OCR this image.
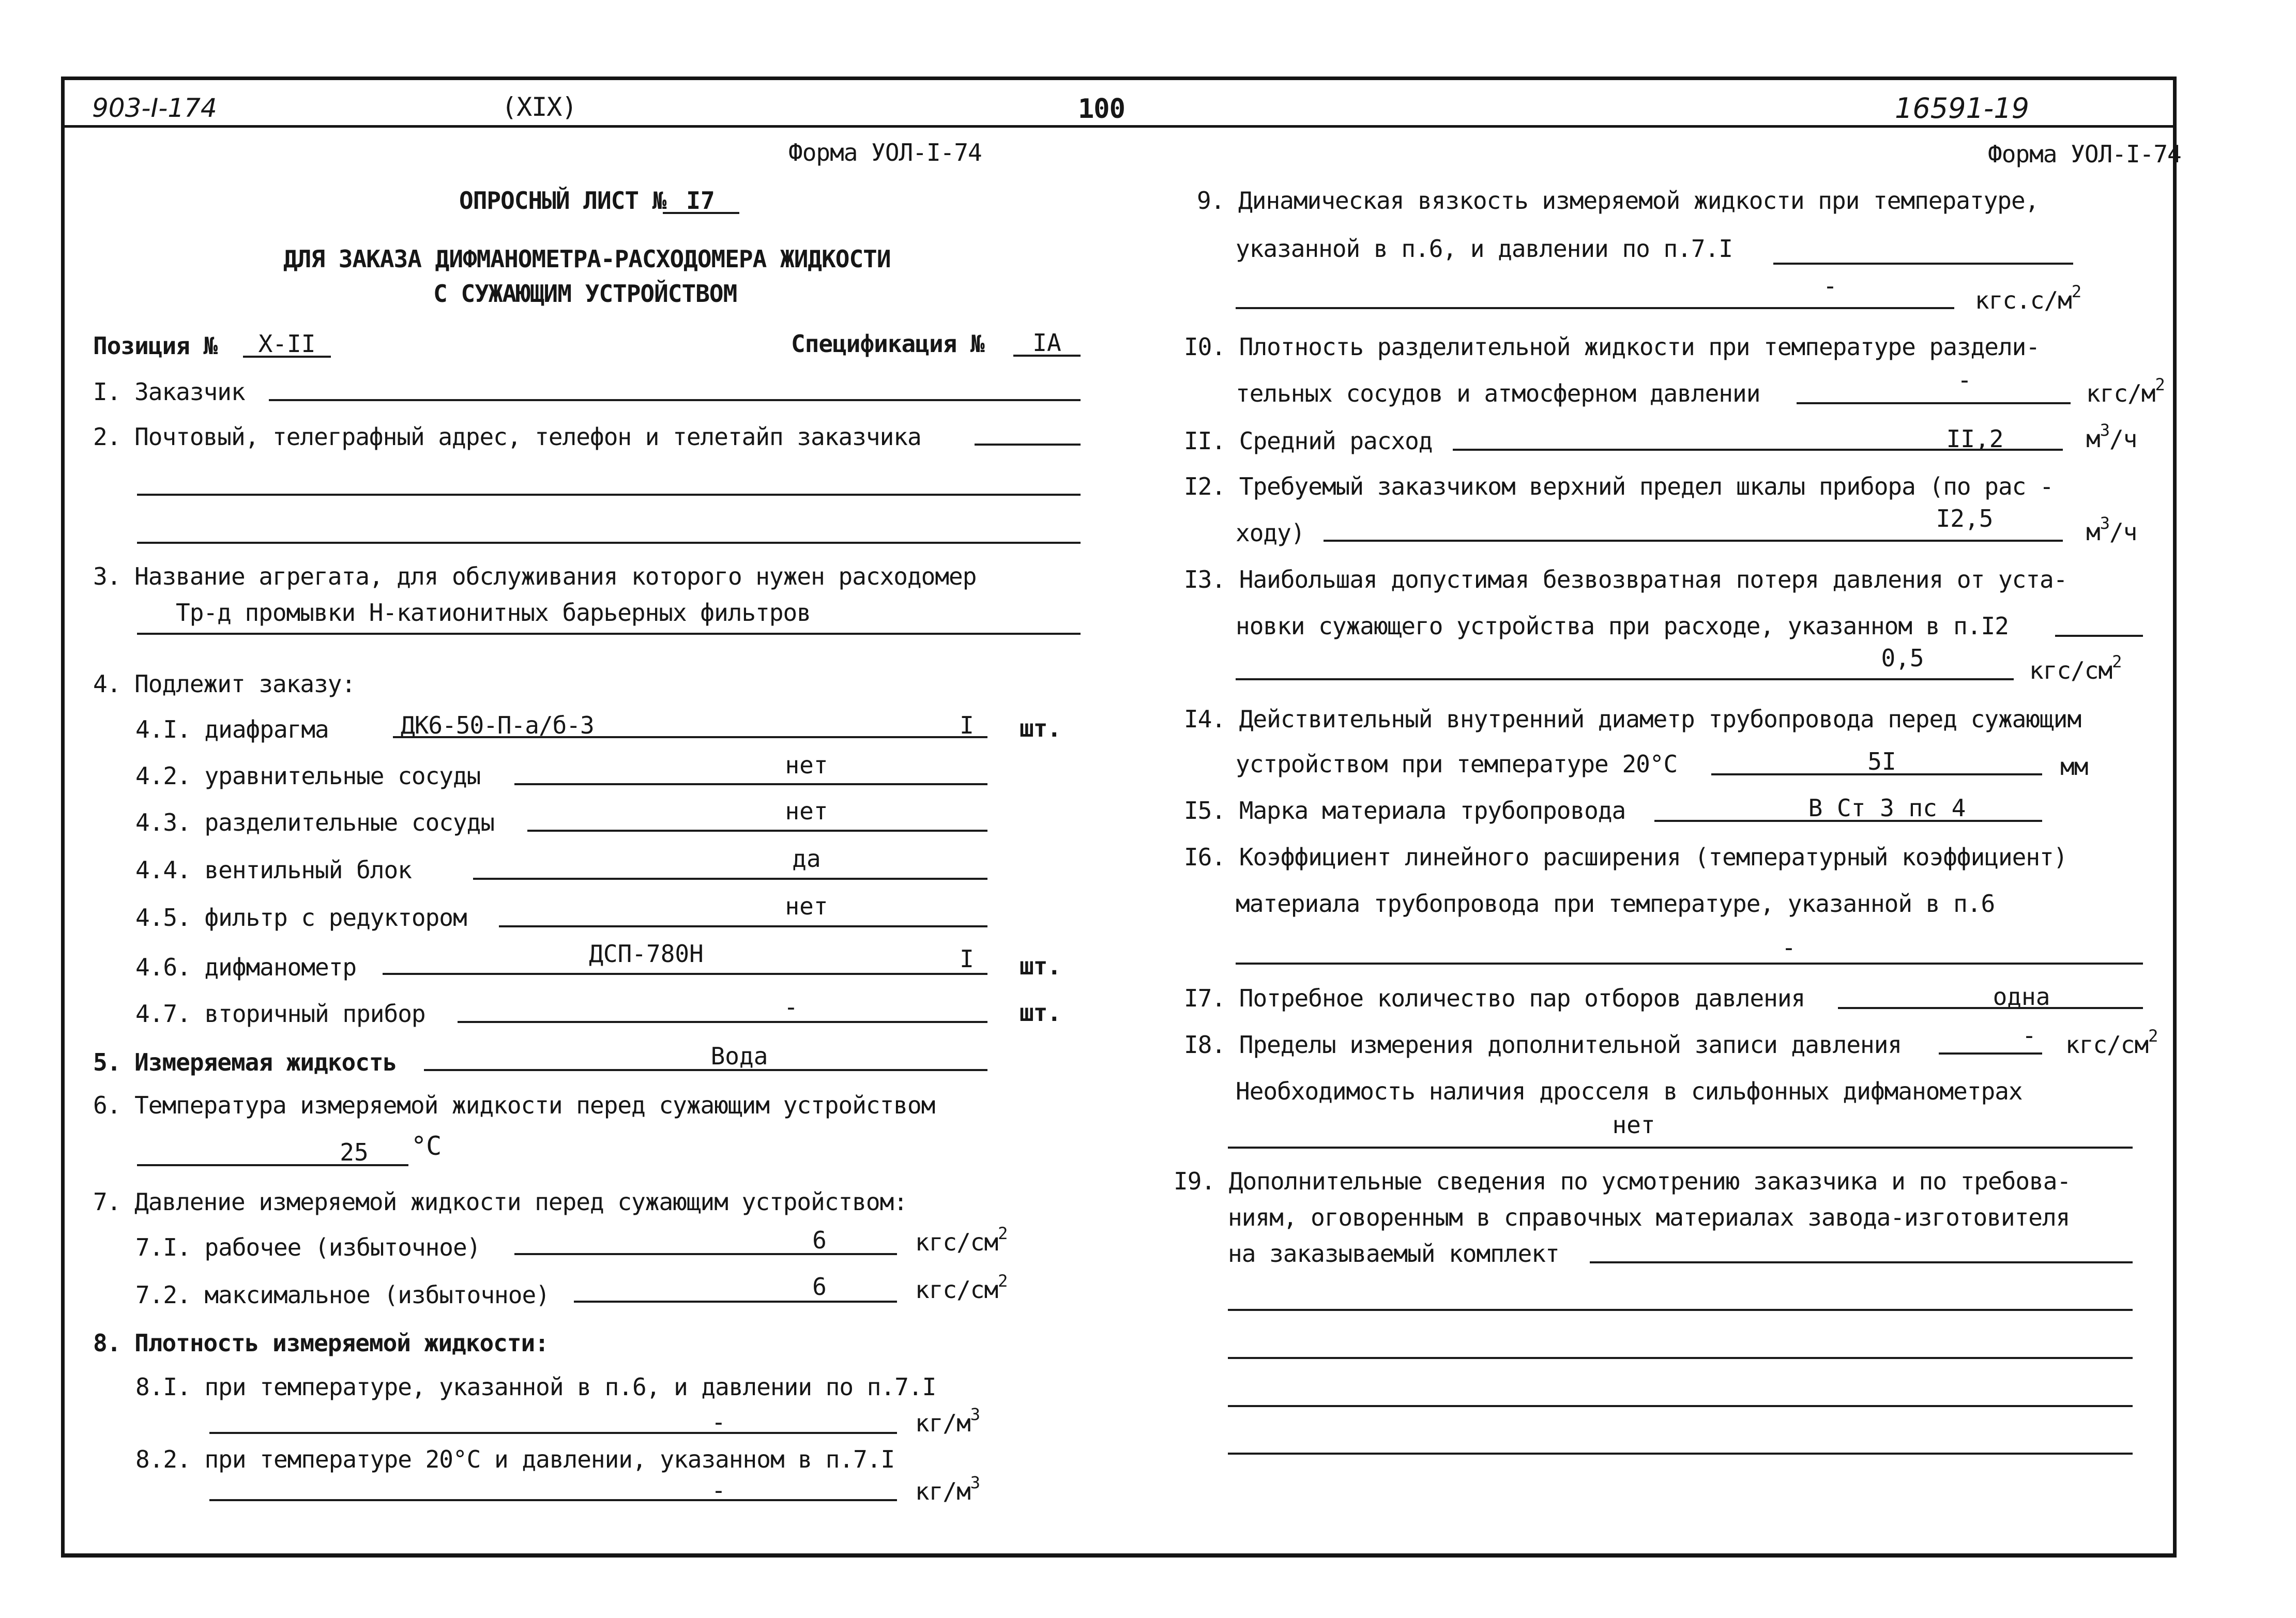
903-I-174	(XIX)	100	16591-19
Форма УОЛ-I-74
ОПРОСНЫЙ ЛИСТ № I7
ДЛЯ ЗАКАЗА ДИФМАНОМЕТРА-РАСХОДОМЕРА ЖИДКОСТИ
С СУЖАЮЩИМ УСТРОЙСТВОМ
Позиция №	Х-II	Спецификация №	IA
I. Заказчик
2. Почтовый, телеграфный адрес, телефон и телетайп заказчика
3. Название агрегата, для обслуживания которого нужен расходомер
Тр-д промывки Н-катионитных барьерных фильтров
4. Подлежит заказу:
4.I. диафрагма	ДК6-50-П-а/б-3	I	шт.
4.2. уравнительные сосуды	нет
4.3. разделительные сосуды	нет
4.4. вентильный блок	да
4.5. фильтр с редуктором	нет
4.6. дифманометр	ДСП-780Н	I	шт.
4.7. вторичный прибор	-	шт.
5. Измеряемая жидкость	Вода
6. Температура измеряемой жидкости перед сужающим устройством
25	°С
7. Давление измеряемой жидкости перед сужающим устройством:
7.I. рабочее (избыточное)	6	кгс/$см^2$
7.2. максимальное (избыточное)	6	кгс/$см^2$
8. Плотность измеряемой жидкости:
8.I. при температуре, указанной в п.6, и давлении по п.7.I
-	$кг/м^3$
8.2. при температуре 20°С и давлении, указанном в п.7.I
-	$кг/м^3$
Форма УОЛ-I-74
9. Динамическая вязкость измеряемой жидкости при температуре,
указанной в п.6, и давлении по п.7.I
-
$кгс.с/м^2$
I0. Плотность разделительной жидкости при температуре раздели-
тельных сосудов и атмосферном давлении	-	кгс/$м^2$
II. Средний расход	II,2	$м^3/ч$
I2. Требуемый заказчиком верхний предел шкалы прибора (по рас -
ходу)
I2,5	$м^3/ч$
I3. Наибольшая допустимая безвозвратная потеря давления от уста-
новки сужающего устройства при расходе, указанном в п.I2
0,5	кгс/$см^2$
I4. Действительный внутренний диаметр трубопровода перед сужающим
устройством при температуре 20°С	5I	мм
I5. Марка материала трубопровода	В Ст 3 пс 4
I6. Коэффициент линейного расширения (температурный коэффициент)
материала трубопровода при температуре, указанной в п.6
-
I7. Потребное количество пар отборов давления	одна
I8. Пределы измерения дополнительной записи давления	-	кгс/$см^2$
Необходимость наличия дросселя в сильфонных дифманометрах
нет
I9. Дополнительные сведения по усмотрению заказчика и по требова-
ниям, оговоренным в справочных материалах завода-изготовителя
на заказываемый комплект
